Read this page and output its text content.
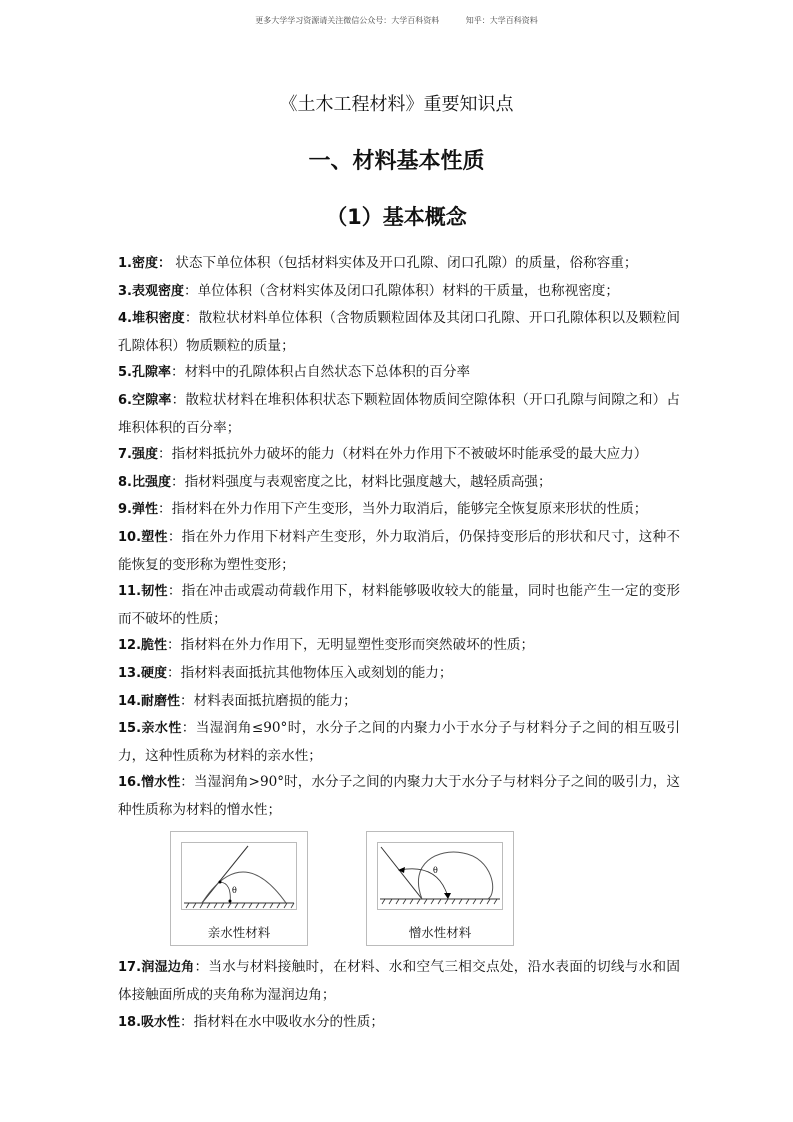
更多大学学习资源请关注微信公众号：大学百科资料	知乎：大学百科资料
《土木工程材料》重要知识点
一、材料基本性质
（1）基本概念

1.密度： 状态下单位体积（包括材料实体及开口孔隙、闭口孔隙）的质量，俗称容重；

3.表观密度：单位体积（含材料实体及闭口孔隙体积）材料的干质量，也称视密度；

4.堆积密度：散粒状材料单位体积（含物质颗粒固体及其闭口孔隙、开口孔隙体积以及颗粒间孔隙体积）物质颗粒的质量；

5.孔隙率：材料中的孔隙体积占自然状态下总体积的百分率

6.空隙率：散粒状材料在堆积体积状态下颗粒固体物质间空隙体积（开口孔隙与间隙之和）占堆积体积的百分率；

7.强度：指材料抵抗外力破坏的能力（材料在外力作用下不被破坏时能承受的最大应力）

8.比强度：指材料强度与表观密度之比，材料比强度越大，越轻质高强；

9.弹性：指材料在外力作用下产生变形，当外力取消后，能够完全恢复原来形状的性质；

10.塑性：指在外力作用下材料产生变形，外力取消后，仍保持变形后的形状和尺寸，这种不能恢复的变形称为塑性变形；

11.韧性：指在冲击或震动荷载作用下，材料能够吸收较大的能量，同时也能产生一定的变形而不破坏的性质；

12.脆性：指材料在外力作用下，无明显塑性变形而突然破坏的性质；

13.硬度：指材料表面抵抗其他物体压入或刻划的能力；

14.耐磨性：材料表面抵抗磨损的能力；

15.亲水性：当湿润角≤90°时，水分子之间的内聚力小于水分子与材料分子之间的相互吸引力，这种性质称为材料的亲水性；

16.憎水性：当湿润角>90°时，水分子之间的内聚力大于水分子与材料分子之间的吸引力，这种性质称为材料的憎水性；

θ
亲水性材料
θ
憎水性材料

17.润湿边角：当水与材料接触时，在材料、水和空气三相交点处，沿水表面的切线与水和固体接触面所成的夹角称为湿润边角；

18.吸水性：指材料在水中吸收水分的性质；
